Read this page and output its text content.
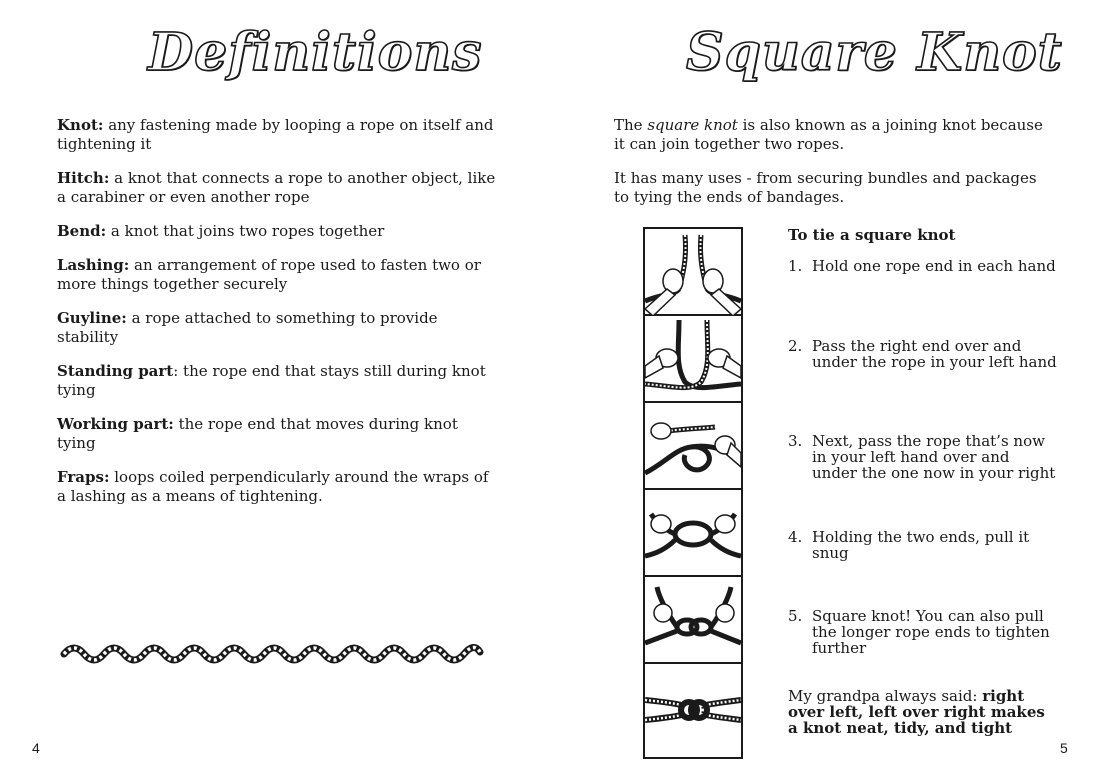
Definitions

Knot: any fastening made by looping a rope on itself and tightening it

Hitch: a knot that connects a rope to another object, like a carabiner or even another rope

Bend: a knot that joins two ropes together

Lashing: an arrangement of rope used to fasten two or more things together securely

Guyline: a rope attached to something to provide stability

Standing part: the rope end that stays still during knot tying

Working part: the rope end that moves during knot tying

Fraps: loops coiled perpendicularly around the wraps of a lashing as a means of tightening.

4
Square Knot

The square knot is also known as a joining knot because it can join together two ropes.

It has many uses - from securing bundles and packages to tying the ends of bandages.

To tie a square knot
1. Hold one rope end in each hand
2. Pass the right end over and under the rope in your left hand
3. Next, pass the rope that’s now in your left hand over and under the one now in your right
4. Holding the two ends, pull it snug
5. Square knot! You can also pull the longer rope ends to tighten further
My grandpa always said: right over left, left over right makes a knot neat, tidy, and tight
5
